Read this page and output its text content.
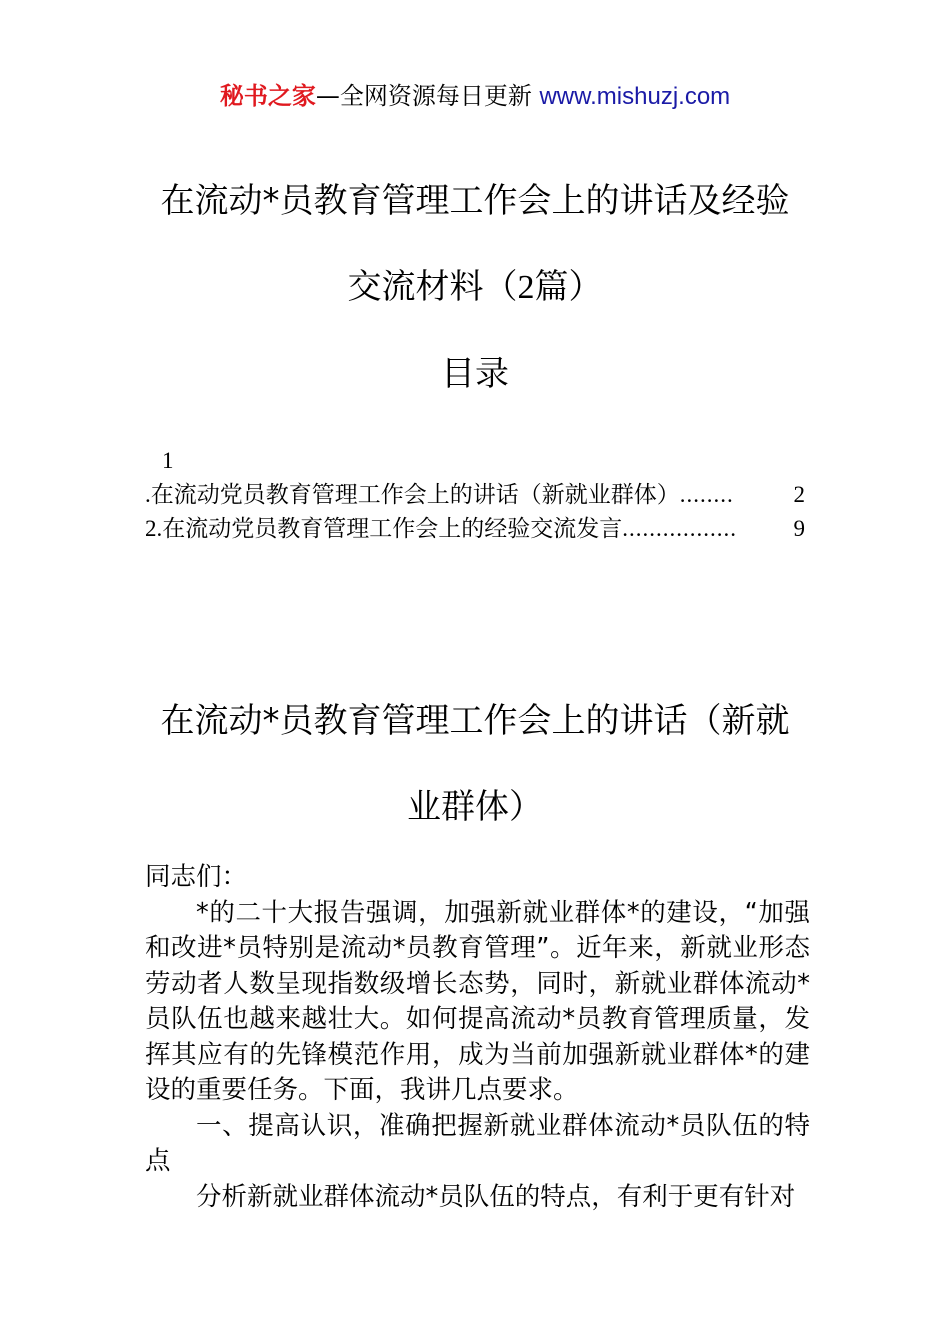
秘书之家—全网资源每日更新 www.mishuzj.com
在流动*员教育管理工作会上的讲话及经验
交流材料（2篇）
目录
1
. 在流动党员教育管理工作会上的讲话（新就业群体） ........	2
2. 在流动党员教育管理工作会上的经验交流发言 .................	9
在流动*员教育管理工作会上的讲话（新就
业群体）

同志们：

*的二十大报告强调，加强新就业群体*的建设，“加强和改进*员特别是流动*员教育管理”。近年来，新就业形态劳动者人数呈现指数级增长态势，同时，新就业群体流动*员队伍也越来越壮大。如何提高流动*员教育管理质量，发挥其应有的先锋模范作用，成为当前加强新就业群体*的建设的重要任务。下面，我讲几点要求。

一、提高认识，准确把握新就业群体流动*员队伍的特点

分析新就业群体流动*员队伍的特点，有利于更有针对
